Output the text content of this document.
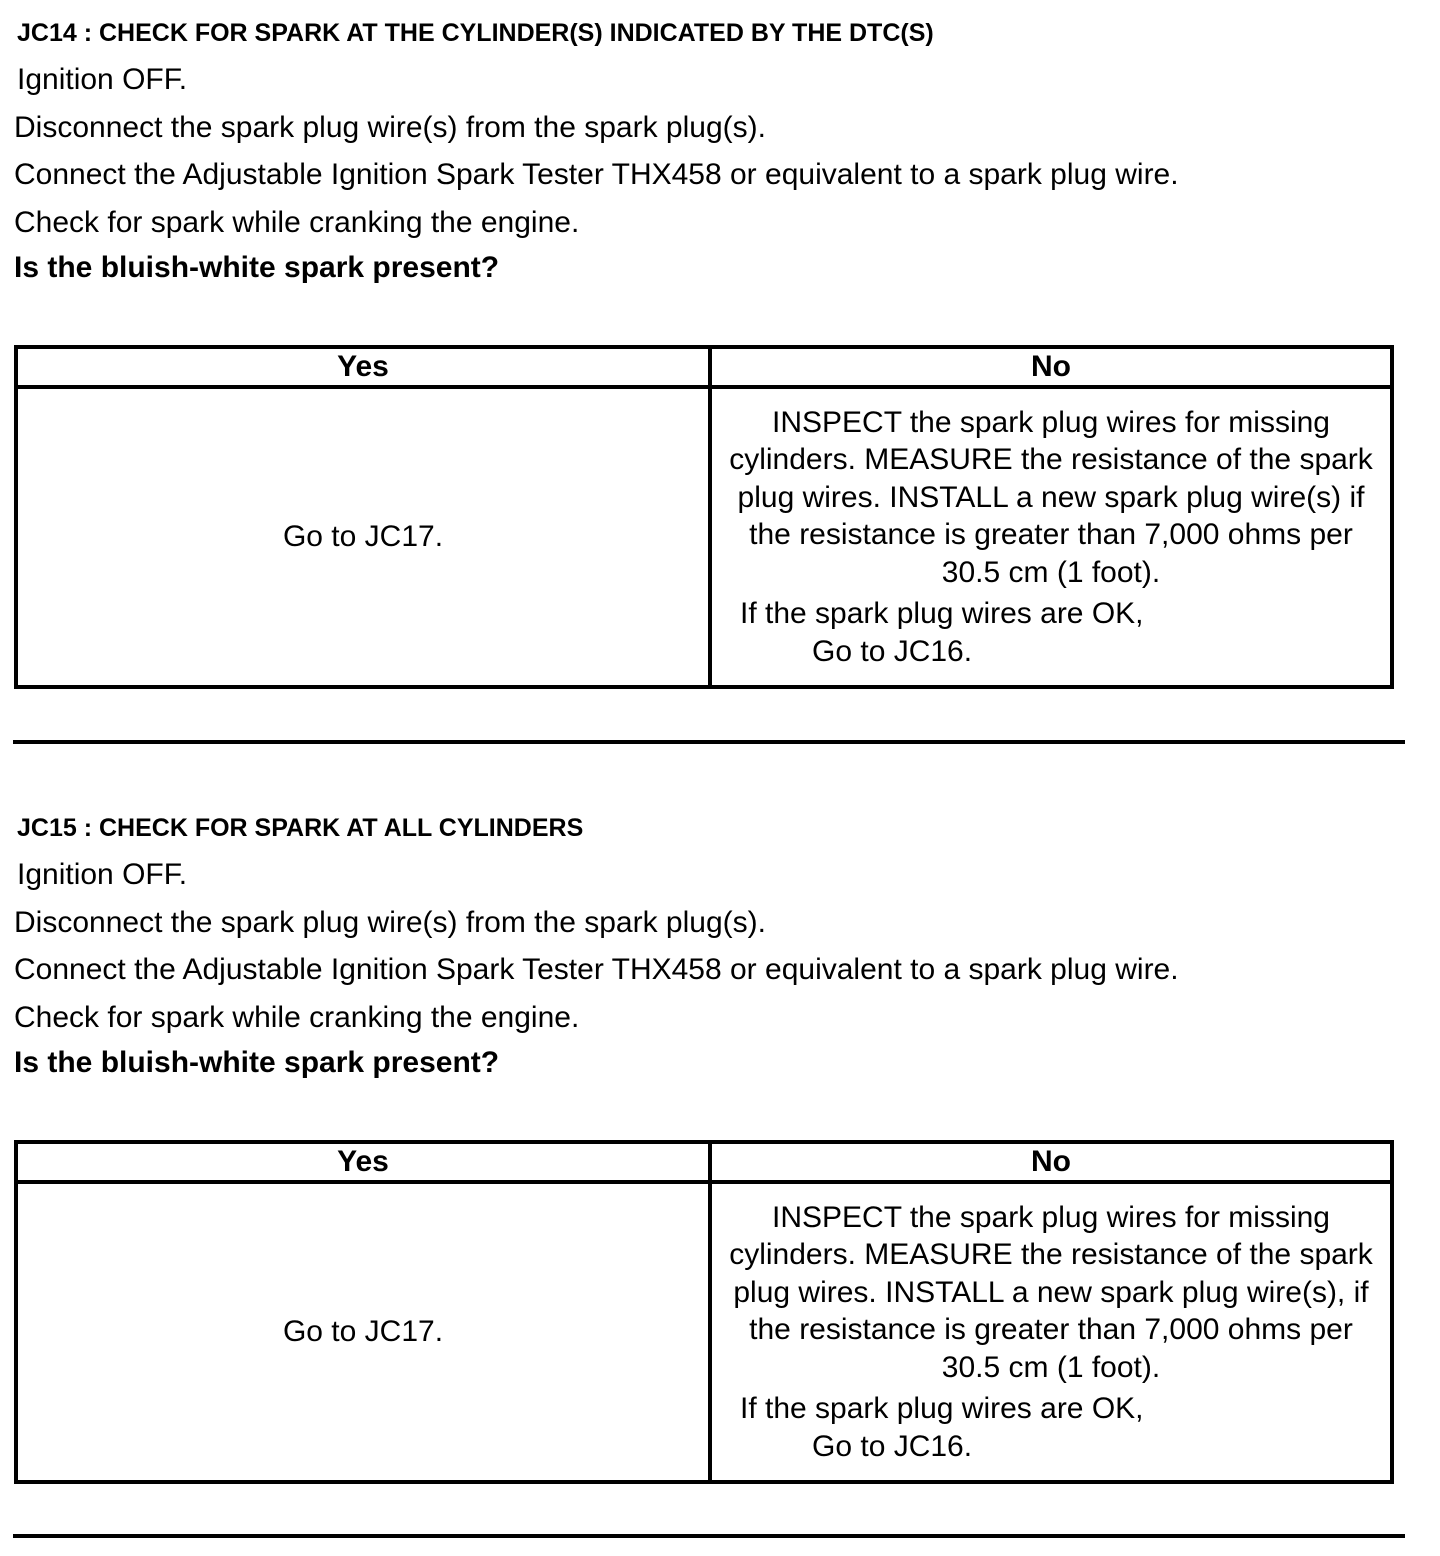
JC14 : CHECK FOR SPARK AT THE CYLINDER(S) INDICATED BY THE DTC(S)
Ignition OFF.
Disconnect the spark plug wire(s) from the spark plug(s).
Connect the Adjustable Ignition Spark Tester THX458 or equivalent to a spark plug wire.
Check for spark while cranking the engine.
Is the bluish-white spark present?
Yes	No
Go to JC17.	INSPECT the spark plug wires for missing cylinders. MEASURE the resistance of the spark plug wires. INSTALL a new spark plug wire(s) if the resistance is greater than 7,000 ohms per 30.5 cm (1 foot).
If the spark plug wires are OK,
Go to JC16.
JC15 : CHECK FOR SPARK AT ALL CYLINDERS
Ignition OFF.
Disconnect the spark plug wire(s) from the spark plug(s).
Connect the Adjustable Ignition Spark Tester THX458 or equivalent to a spark plug wire.
Check for spark while cranking the engine.
Is the bluish-white spark present?
Yes	No
Go to JC17.	INSPECT the spark plug wires for missing cylinders. MEASURE the resistance of the spark plug wires. INSTALL a new spark plug wire(s), if the resistance is greater than 7,000 ohms per 30.5 cm (1 foot).
If the spark plug wires are OK,
Go to JC16.
